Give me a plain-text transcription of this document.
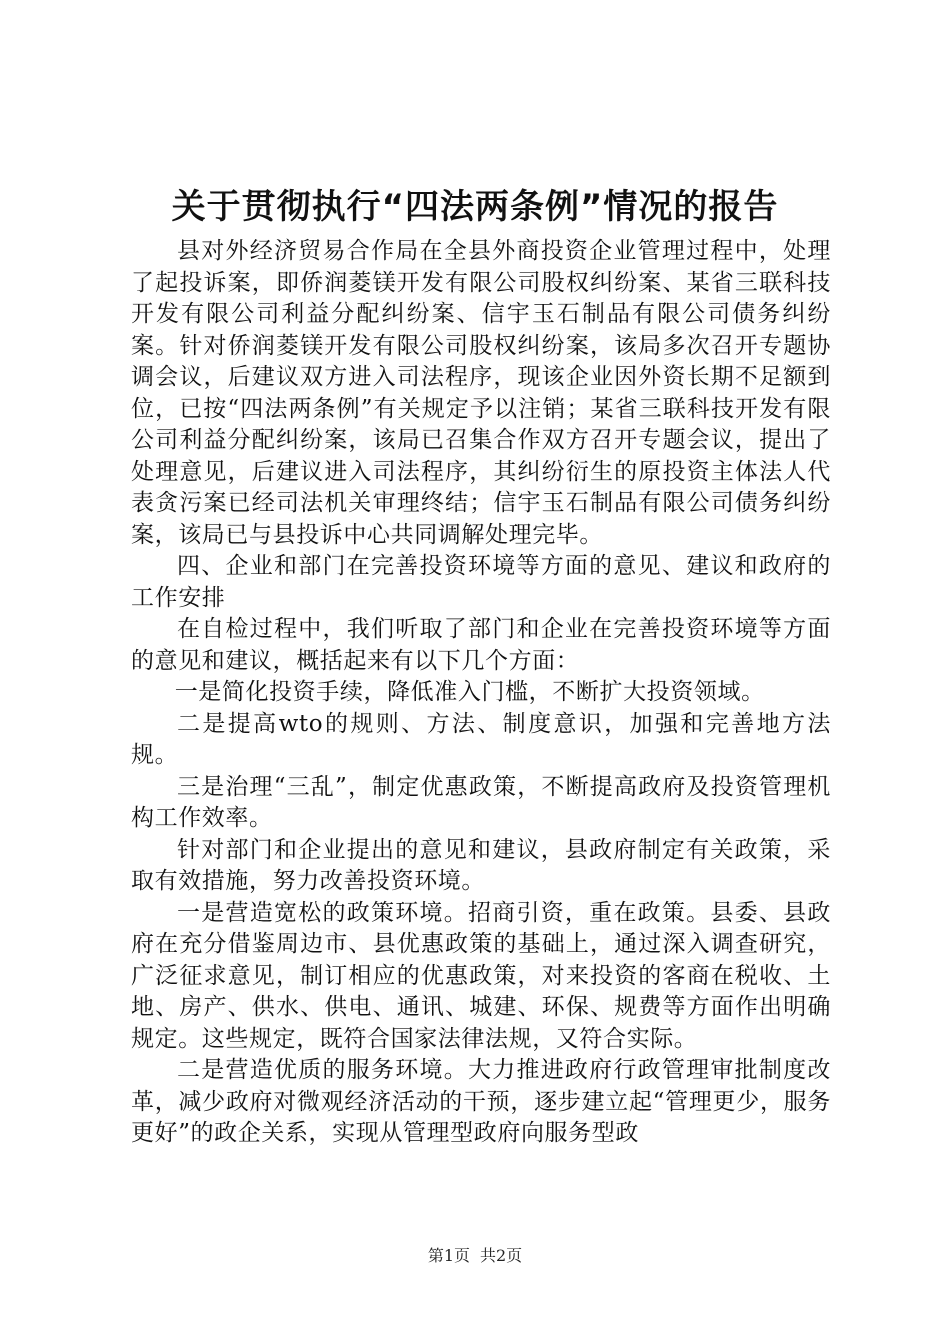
关于贯彻执行“四法两条例”情况的报告

县对外经济贸易合作局在全县外商投资企业管理过程中，处理了起投诉案，即侨润菱镁开发有限公司股权纠纷案、某省三联科技开发有限公司利益分配纠纷案、信宇玉石制品有限公司债务纠纷案。针对侨润菱镁开发有限公司股权纠纷案，该局多次召开专题协调会议，后建议双方进入司法程序，现该企业因外资长期不足额到位，已按“四法两条例”有关规定予以注销；某省三联科技开发有限公司利益分配纠纷案，该局已召集合作双方召开专题会议，提出了处理意见，后建议进入司法程序，其纠纷衍生的原投资主体法人代表贪污案已经司法机关审理终结；信宇玉石制品有限公司债务纠纷案，该局已与县投诉中心共同调解处理完毕。

四、企业和部门在完善投资环境等方面的意见、建议和政府的工作安排

在自检过程中，我们听取了部门和企业在完善投资环境等方面的意见和建议，概括起来有以下几个方面：

一是简化投资手续，降低准入门槛，不断扩大投资领域。

二是提高wto的规则、方法、制度意识，加强和完善地方法规。

三是治理“三乱”，制定优惠政策，不断提高政府及投资管理机构工作效率。

针对部门和企业提出的意见和建议，县政府制定有关政策，采取有效措施，努力改善投资环境。

一是营造宽松的政策环境。招商引资，重在政策。县委、县政府在充分借鉴周边市、县优惠政策的基础上，通过深入调查研究，广泛征求意见，制订相应的优惠政策，对来投资的客商在税收、土地、房产、供水、供电、通讯、城建、环保、规费等方面作出明确规定。这些规定，既符合国家法律法规，又符合实际。

二是营造优质的服务环境。大力推进政府行政管理审批制度改革，减少政府对微观经济活动的干预，逐步建立起“管理更少，服务更好”的政企关系，实现从管理型政府向服务型政

第1页 共2页
